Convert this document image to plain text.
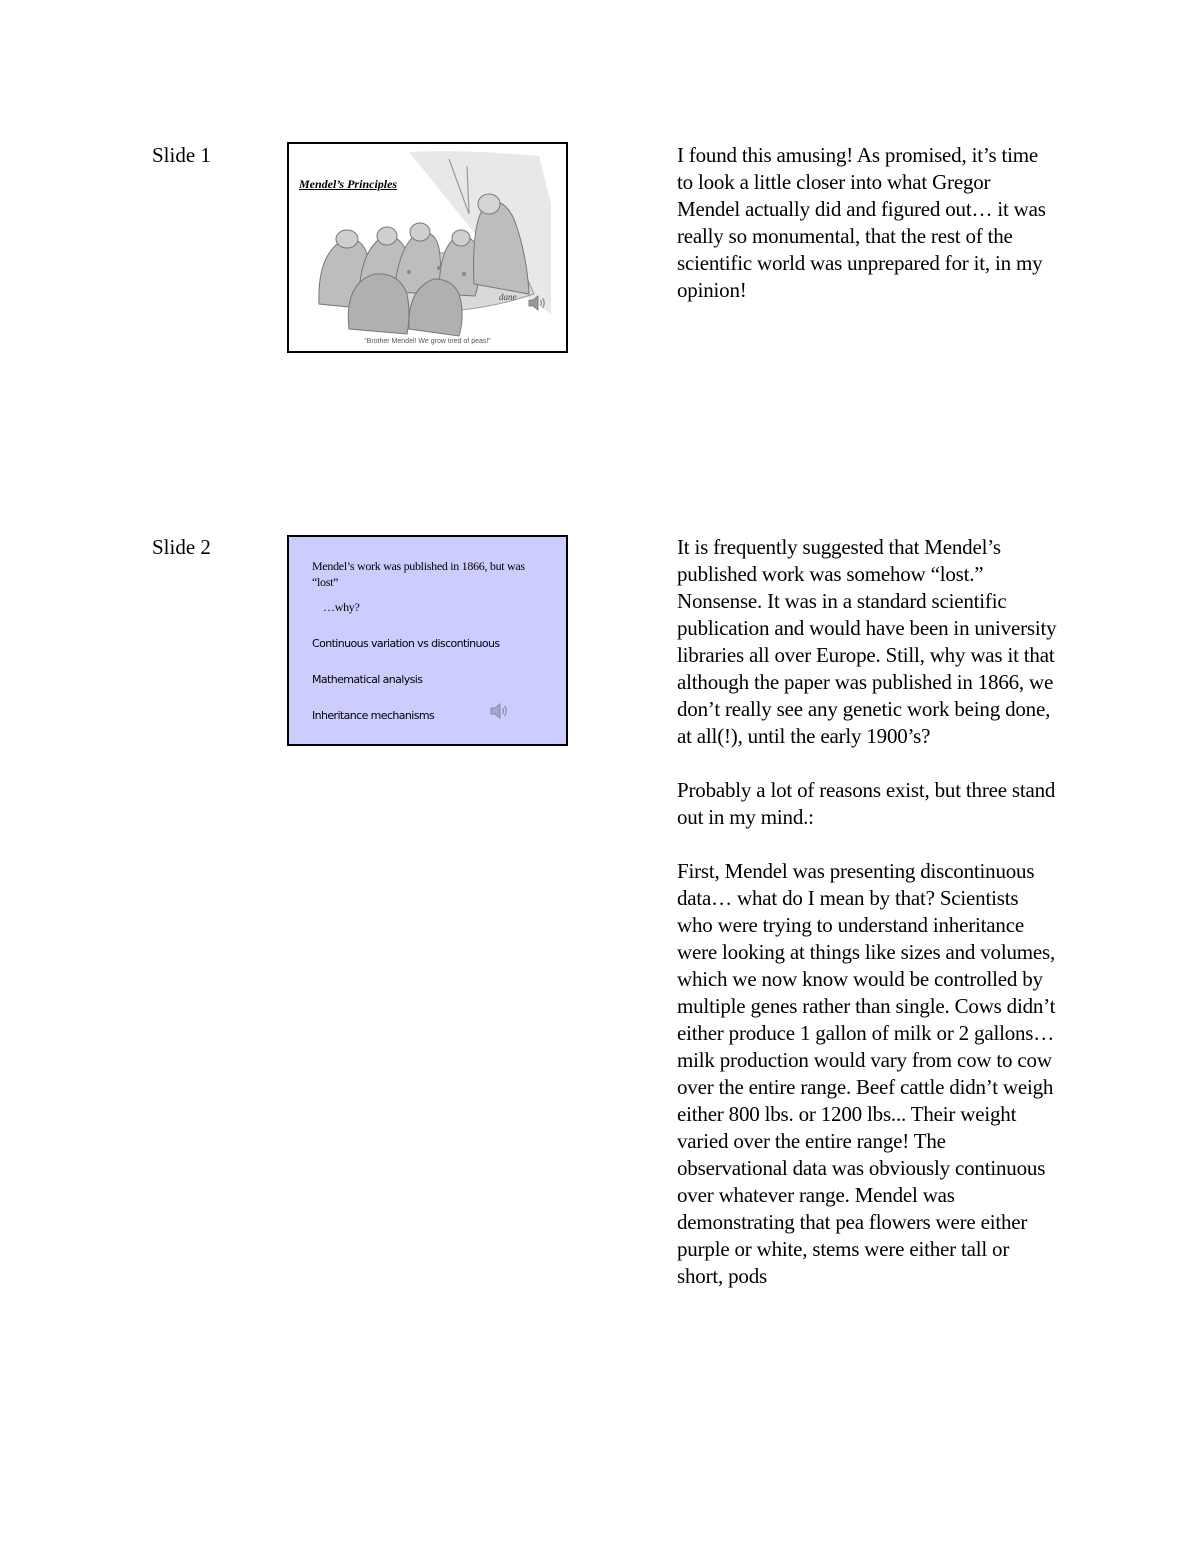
Slide 1
Mendel’s Principles
dane
“Brother Mendel! We grow tired of peas!”

I found this amusing! As promised, it’s time to look a little closer into what Gregor Mendel actually did and figured out… it was really so monumental, that the rest of the scientific world was unprepared for it, in my opinion!

Slide 2
Mendel’s work was published in 1866, but was “lost”
…why?
Continuous variation vs discontinuous
Mathematical analysis
Inheritance mechanisms

It is frequently suggested that Mendel’s published work was somehow “lost.” Nonsense. It was in a standard scientific publication and would have been in university libraries all over Europe. Still, why was it that although the paper was published in 1866, we don’t really see any genetic work being done, at all(!), until the early 1900’s?

Probably a lot of reasons exist, but three stand out in my mind.:

First, Mendel was presenting discontinuous data… what do I mean by that? Scientists who were trying to understand inheritance were looking at things like sizes and volumes, which we now know would be controlled by multiple genes rather than single. Cows didn’t either produce 1 gallon of milk or 2 gallons… milk production would vary from cow to cow over the entire range. Beef cattle didn’t weigh either 800 lbs. or 1200 lbs... Their weight varied over the entire range! The observational data was obviously continuous over whatever range. Mendel was demonstrating that pea flowers were either purple or white, stems were either tall or short, pods
